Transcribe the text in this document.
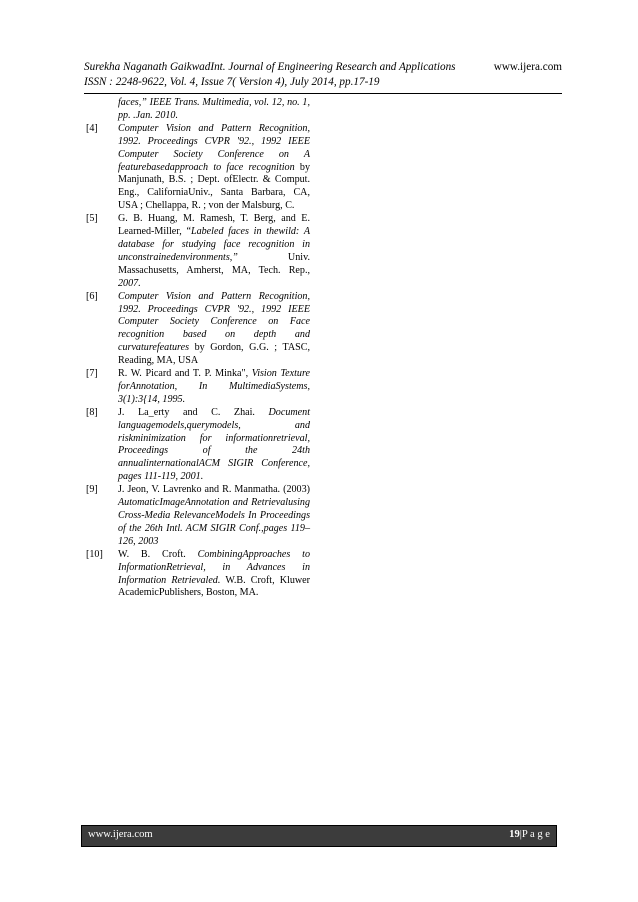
Surekha Naganath GaikwadInt. Journal of Engineering Research and Applications	www.ijera.com
ISSN : 2248-9622, Vol. 4, Issue 7( Version 4), July 2014, pp.17-19
faces,” IEEE Trans. Multimedia, vol. 12, no. 1, pp. .Jan. 2010.
[4] Computer Vision and Pattern Recognition, 1992. Proceedings CVPR '92., 1992 IEEE Computer Society Conference on A featurebasedapproach to face recognition by Manjunath, B.S. ; Dept. ofElectr. & Comput. Eng., CaliforniaUniv., Santa Barbara, CA, USA ; Chellappa, R. ; von der Malsburg, C.
[5] G. B. Huang, M. Ramesh, T. Berg, and E. Learned-Miller, “Labeled faces in thewild: A database for studying face recognition in unconstrainedenvironments,” Univ. Massachusetts, Amherst, MA, Tech. Rep., 2007.
[6] Computer Vision and Pattern Recognition, 1992. Proceedings CVPR '92., 1992 IEEE Computer Society Conference on Face recognition based on depth and curvaturefeatures by Gordon, G.G. ; TASC, Reading, MA, USA
[7] R. W. Picard and T. P. Minka", Vision Texture forAnnotation, In MultimediaSystems, 3(1):3{14, 1995.
[8] J. La_erty and C. Zhai. Document languagemodels,querymodels, and riskminimization for informationretrieval, Proceedings of the 24th annualinternationalACM SIGIR Conference, pages 111-119, 2001.
[9] J. Jeon, V. Lavrenko and R. Manmatha. (2003) AutomaticImageAnnotation and Retrievalusing Cross-Media RelevanceModels In Proceedings of the 26th Intl. ACM SIGIR Conf.,pages 119–126, 2003
[10] W. B. Croft. CombiningApproaches to InformationRetrieval, in Advances in Information Retrievaled. W.B. Croft, Kluwer AcademicPublishers, Boston, MA.
www.ijera.com	19|P a g e
